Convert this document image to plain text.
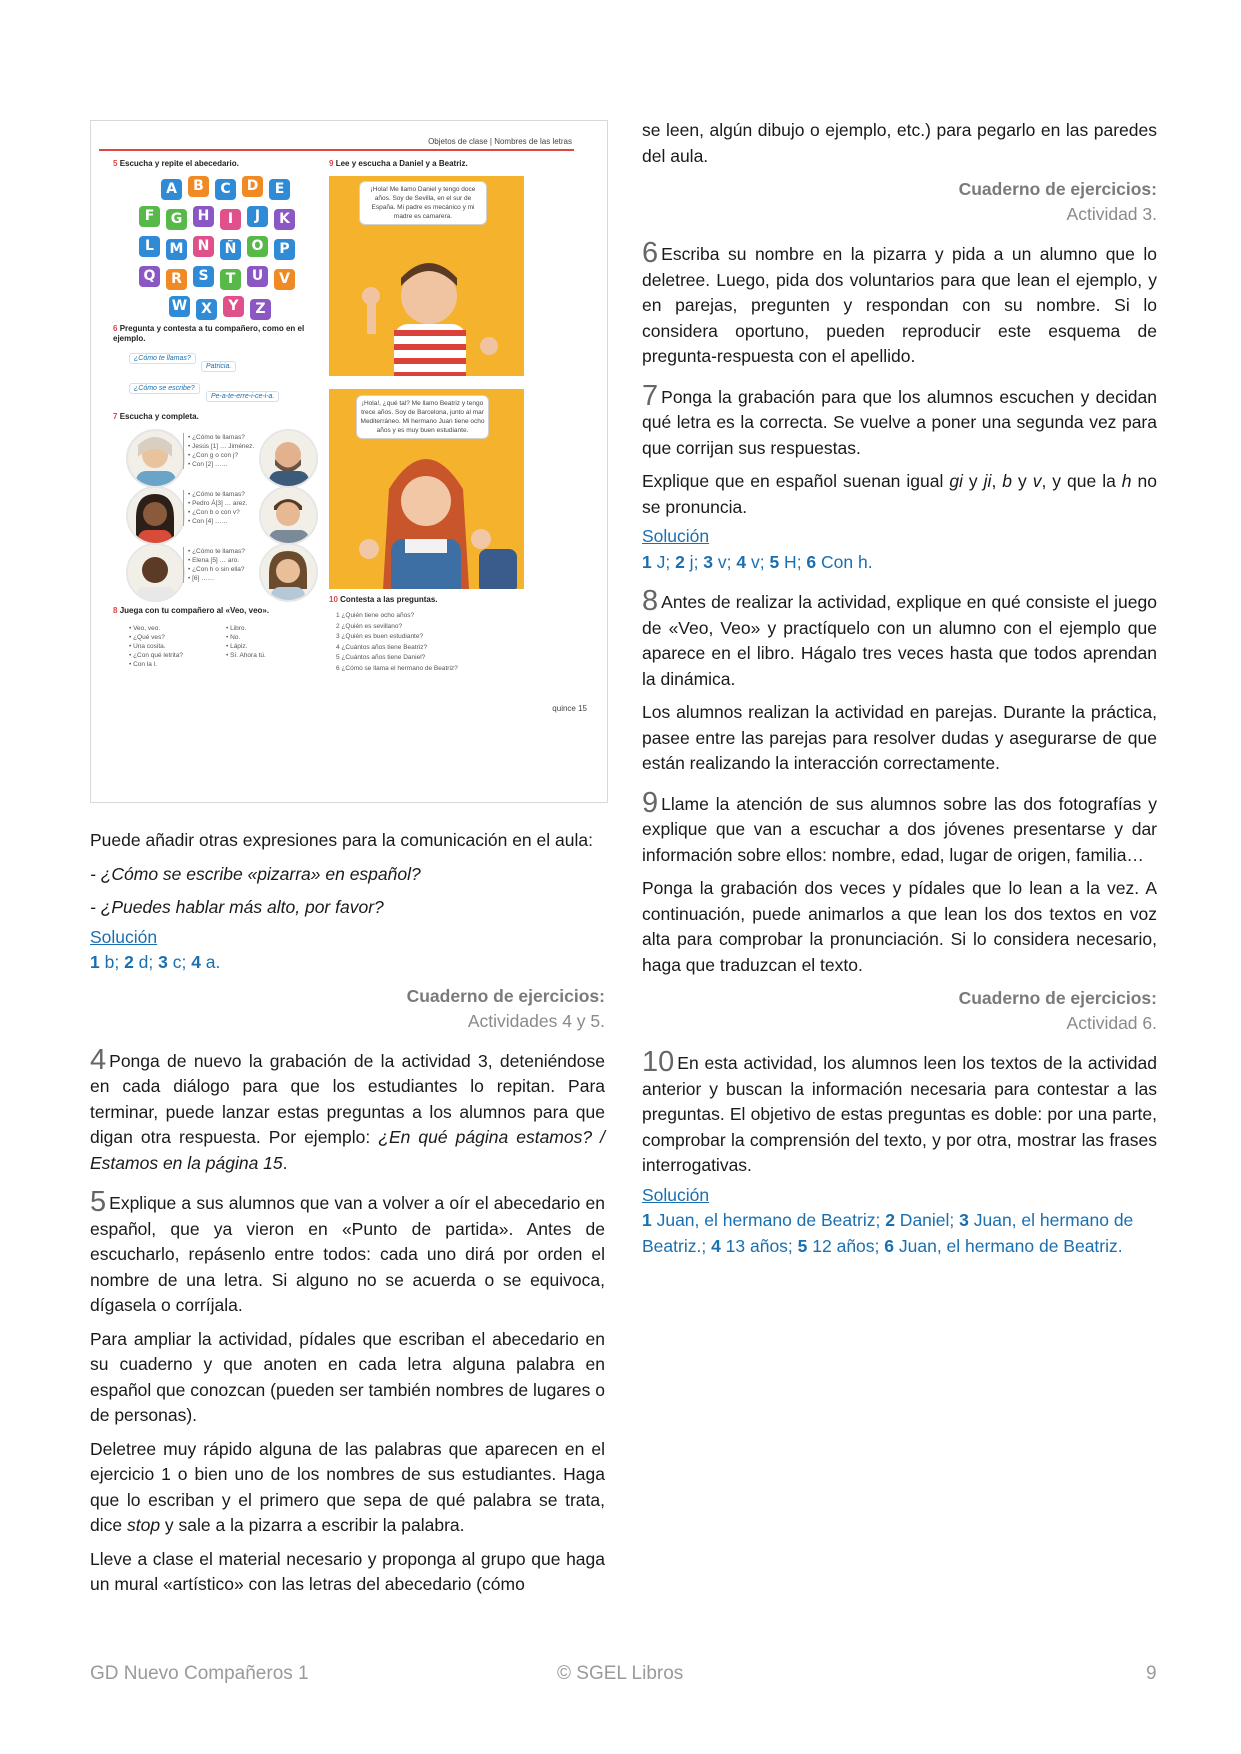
Objetos de clase | Nombres de las letras
5 Escucha y repite el abecedario.
A	B	C	D	E
F	G	H	I	J	K
L	M	N	Ñ	O	P
Q	R	S	T	U	V
W X	Y	Z
6 Pregunta y contesta a tu compañero, como en el ejemplo.
¿Cómo te llamas?
Patricia.
¿Cómo se escribe?
Pe-a-te-erre-i-ce-i-a.
7 Escucha y completa.
• ¿Cómo te llamas?
• Jesús [1] … Jiménez.
• ¿Con g o con j?
• Con [2] ……
• ¿Cómo te llamas?
• Pedro Á[3] … arez.
• ¿Con b o con v?
• Con [4] ……
• ¿Cómo te llamas?
• Elena [5] … aro.
• ¿Con h o sin ella?
• [6] ……
8 Juega con tu compañero al «Veo, veo».
• Veo, veo.
• ¿Qué ves?
• Una cosita.
• ¿Con qué letrita?
• Con la l.
• Libro.
• No.
• Lápiz.
• Sí. Ahora tú.
9 Lee y escucha a Daniel y a Beatriz.
¡Hola! Me llamo Daniel y tengo doce años. Soy de Sevilla, en el sur de España. Mi padre es mecánico y mi madre es camarera.
¡Hola!, ¿qué tal? Me llamo Beatriz y tengo trece años. Soy de Barcelona, junto al mar Mediterráneo. Mi hermano Juan tiene ocho años y es muy buen estudiante.
10 Contesta a las preguntas.
1 ¿Quién tiene ocho años?
2 ¿Quién es sevillano?
3 ¿Quién es buen estudiante?
4 ¿Cuántos años tiene Beatriz?
5 ¿Cuántos años tiene Daniel?
6 ¿Cómo se llama el hermano de Beatriz?
quince 15

Puede añadir otras expresiones para la comunicación en el aula:

- ¿Cómo se escribe «pizarra» en español?

- ¿Puedes hablar más alto, por favor?

Solución
1 b; 2 d; 3 c; 4 a.
Cuaderno de ejercicios:
Actividades 4 y 5.

4 Ponga de nuevo la grabación de la actividad 3, deteniéndose en cada diálogo para que los estudiantes lo repitan. Para terminar, puede lanzar estas preguntas a los alumnos para que digan otra respuesta. Por ejemplo: ¿En qué página estamos? / Estamos en la página 15.

5 Explique a sus alumnos que van a volver a oír el abecedario en español, que ya vieron en «Punto de partida». Antes de escucharlo, repásenlo entre todos: cada uno dirá por orden el nombre de una letra. Si alguno no se acuerda o se equivoca, dígasela o corríjala.

Para ampliar la actividad, pídales que escriban el abecedario en su cuaderno y que anoten en cada letra alguna palabra en español que conozcan (pueden ser también nombres de lugares o de personas).

Deletree muy rápido alguna de las palabras que aparecen en el ejercicio 1 o bien uno de los nombres de sus estudiantes. Haga que lo escriban y el primero que sepa de qué palabra se trata, dice stop y sale a la pizarra a escribir la palabra.

Lleve a clase el material necesario y proponga al grupo que haga un mural «artístico» con las letras del abecedario (cómo

se leen, algún dibujo o ejemplo, etc.) para pegarlo en las paredes del aula.

Cuaderno de ejercicios:
Actividad 3.

6 Escriba su nombre en la pizarra y pida a un alumno que lo deletree. Luego, pida dos voluntarios para que lean el ejemplo, y en parejas, pregunten y respondan con su nombre. Si lo considera oportuno, pueden reproducir este esquema de pregunta-respuesta con el apellido.

7 Ponga la grabación para que los alumnos escuchen y decidan qué letra es la correcta. Se vuelve a poner una segunda vez para que corrijan sus respuestas.

Explique que en español suenan igual gi y ji, b y v, y que la h no se pronuncia.

Solución
1 J; 2 j; 3 v; 4 v; 5 H; 6 Con h.

8 Antes de realizar la actividad, explique en qué consiste el juego de «Veo, Veo» y practíquelo con un alumno con el ejemplo que aparece en el libro. Hágalo tres veces hasta que todos aprendan la dinámica.

Los alumnos realizan la actividad en parejas. Durante la práctica, pasee entre las parejas para resolver dudas y asegurarse de que están realizando la interacción correctamente.

9 Llame la atención de sus alumnos sobre las dos fotografías y explique que van a escuchar a dos jóvenes presentarse y dar información sobre ellos: nombre, edad, lugar de origen, familia…

Ponga la grabación dos veces y pídales que lo lean a la vez. A continuación, puede animarlos a que lean los dos textos en voz alta para comprobar la pronunciación. Si lo considera necesario, haga que traduzcan el texto.

Cuaderno de ejercicios:
Actividad 6.

10 En esta actividad, los alumnos leen los textos de la actividad anterior y buscan la información necesaria para contestar a las preguntas. El objetivo de estas preguntas es doble: por una parte, comprobar la comprensión del texto, y por otra, mostrar las frases interrogativas.

Solución
1 Juan, el hermano de Beatriz; 2 Daniel; 3 Juan, el hermano de Beatriz.; 4 13 años; 5 12 años; 6 Juan, el hermano de Beatriz.
GD Nuevo Compañeros 1	© SGEL Libros	9
